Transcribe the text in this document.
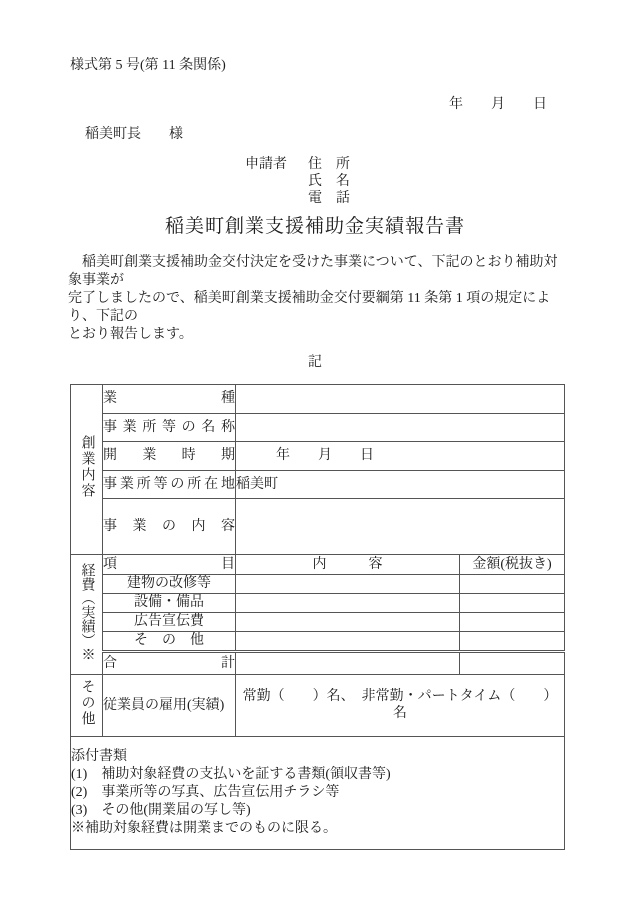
様式第 5 号(第 11 条関係)
年　　月　　日
稲美町長　　様
申請者 住　所
氏　名
電　話
稲美町創業支援補助金実績報告書
　稲美町創業支援補助金交付決定を受けた事業について、下記のとおり補助対象事業が
完了しましたので、稲美町創業支援補助金交付要綱第 11 条第 1 項の規定により、下記の
とおり報告します。
記
創業内容	業種		
	事業所等の名称		
	開業時期	年　　月　　日	
	事業所等の所在地	稲美町	
	事業の内容		
経費（実績）※	項目	内　　　容	金額(税抜き)
	建物の改修等		
	設備・備品		
	広告宣伝費		
	そ　の　他		
	合計		
その他	従業員の雇用(実績)	常勤（　　）名、　非常勤・パートタイム（　　）名	

添付書類
(1)　補助対象経費の支払いを証する書類(領収書等)
(2)　事業所等の写真、広告宣伝用チラシ等
(3)　その他(開業届の写し等)
※補助対象経費は開業までのものに限る。			
